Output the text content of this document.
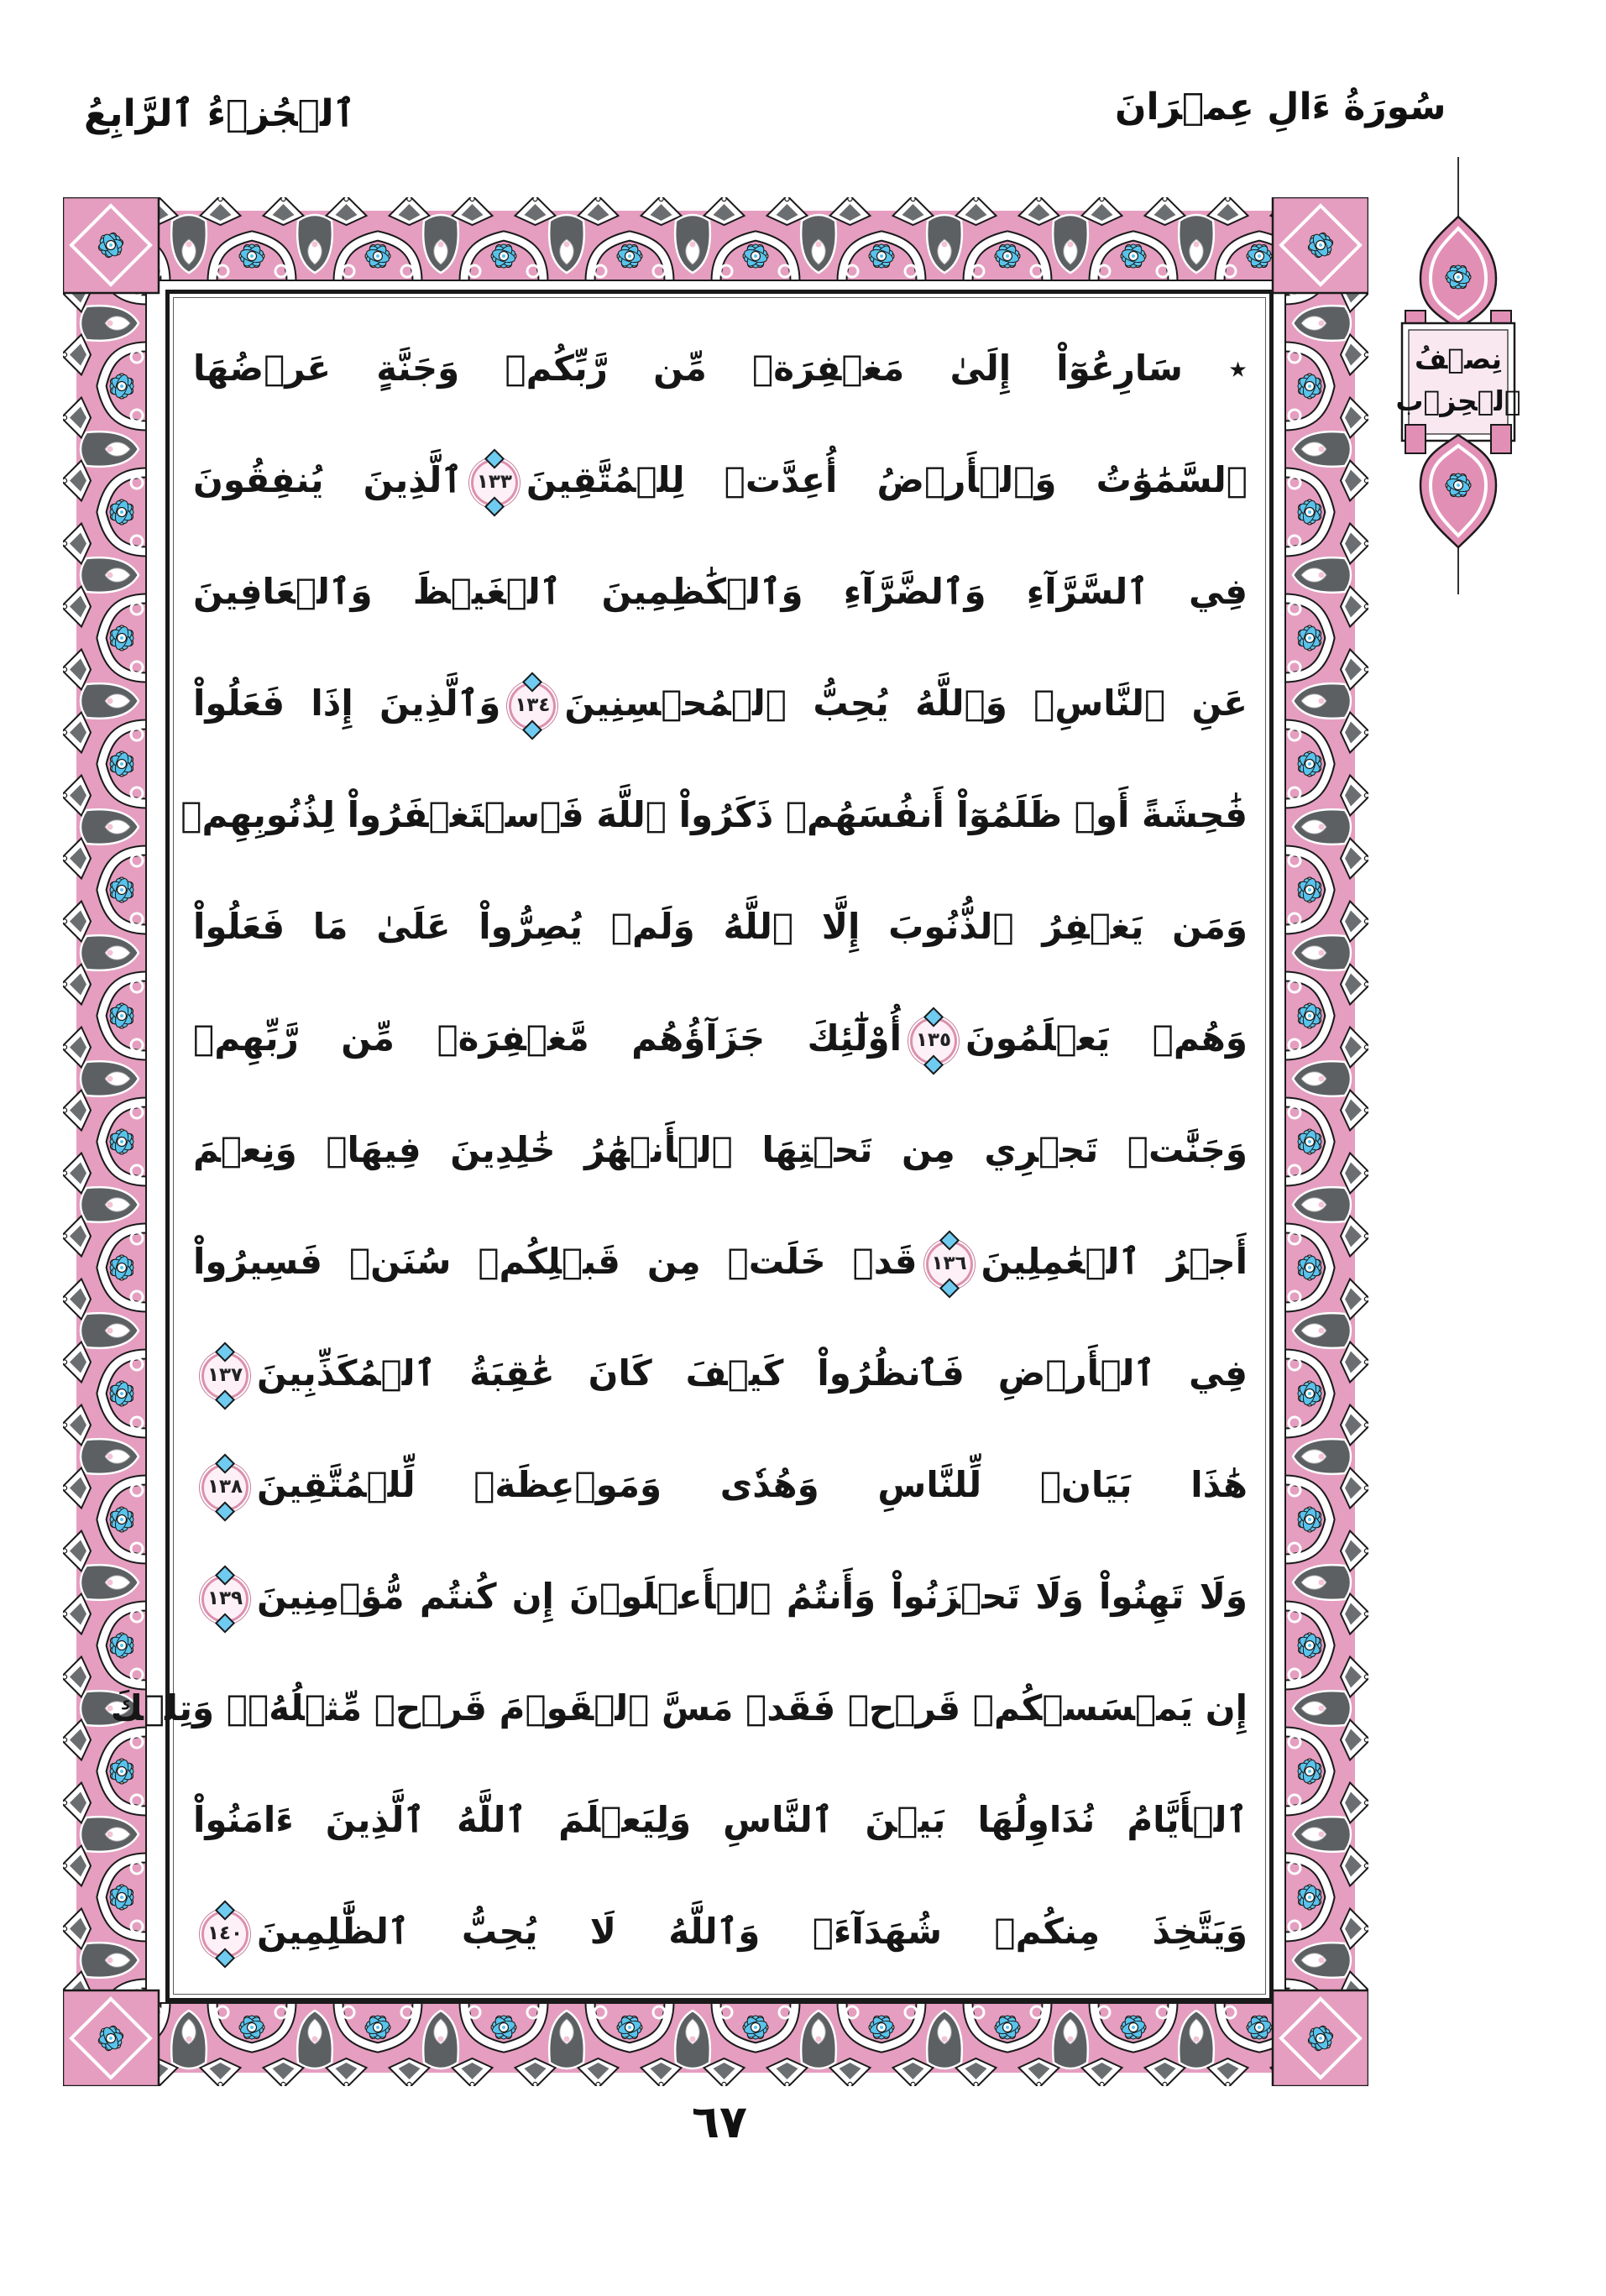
ٱلۡجُزۡءُ ٱلرَّابِعُ	سُورَةُ ءَالِ عِمۡرَانَ
٭ سَارِعُوٓاْ إِلَىٰ مَغۡفِرَةٖ مِّن رَّبِّكُمۡ وَجَنَّةٍ عَرۡضُهَا
ٱلسَّمَٰوَٰتُ وَٱلۡأَرۡضُ أُعِدَّتۡ لِلۡمُتَّقِينَ
١٣٣
ٱلَّذِينَ يُنفِقُونَ
فِي ٱلسَّرَّآءِ وَٱلضَّرَّآءِ وَٱلۡكَٰظِمِينَ ٱلۡغَيۡظَ وَٱلۡعَافِينَ
عَنِ ٱلنَّاسِۗ وَٱللَّهُ يُحِبُّ ٱلۡمُحۡسِنِينَ
١٣٤
وَٱلَّذِينَ إِذَا فَعَلُواْ
فَٰحِشَةً أَوۡ ظَلَمُوٓاْ أَنفُسَهُمۡ ذَكَرُواْ ٱللَّهَ فَٱسۡتَغۡفَرُواْ لِذُنُوبِهِمۡ
وَمَن يَغۡفِرُ ٱلذُّنُوبَ إِلَّا ٱللَّهُ وَلَمۡ يُصِرُّواْ عَلَىٰ مَا فَعَلُواْ
وَهُمۡ يَعۡلَمُونَ
١٣٥
أُوْلَٰٓئِكَ جَزَآؤُهُم مَّغۡفِرَةٞ مِّن رَّبِّهِمۡ
وَجَنَّٰتٞ تَجۡرِي مِن تَحۡتِهَا ٱلۡأَنۡهَٰرُ خَٰلِدِينَ فِيهَاۚ وَنِعۡمَ
أَجۡرُ ٱلۡعَٰمِلِينَ
١٣٦
قَدۡ خَلَتۡ مِن قَبۡلِكُمۡ سُنَنٞ فَسِيرُواْ
فِي ٱلۡأَرۡضِ فَٱنظُرُواْ كَيۡفَ كَانَ عَٰقِبَةُ ٱلۡمُكَذِّبِينَ
١٣٧
هَٰذَا بَيَانٞ لِّلنَّاسِ وَهُدٗى وَمَوۡعِظَةٞ لِّلۡمُتَّقِينَ
١٣٨
وَلَا تَهِنُواْ وَلَا تَحۡزَنُواْ وَأَنتُمُ ٱلۡأَعۡلَوۡنَ إِن كُنتُم مُّؤۡمِنِينَ
١٣٩
إِن يَمۡسَسۡكُمۡ قَرۡحٞ فَقَدۡ مَسَّ ٱلۡقَوۡمَ قَرۡحٞ مِّثۡلُهُۥۚ وَتِلۡكَ
ٱلۡأَيَّامُ نُدَاوِلُهَا بَيۡنَ ٱلنَّاسِ وَلِيَعۡلَمَ ٱللَّهُ ٱلَّذِينَ ءَامَنُواْ
وَيَتَّخِذَ مِنكُمۡ شُهَدَآءَۗ وَٱللَّهُ لَا يُحِبُّ ٱلظَّٰلِمِينَ
١٤٠
نِصۡفُ
ٱلۡحِزۡب
٦٧
